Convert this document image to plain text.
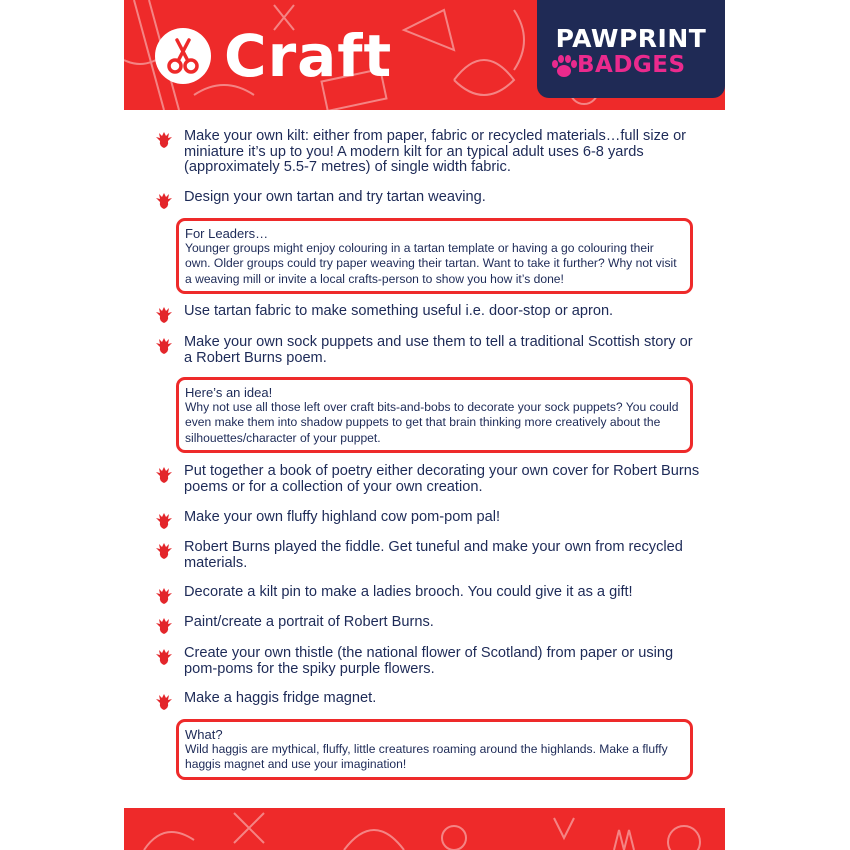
Craft	PAWPRINT
BADGES
Make your own kilt: either from paper, fabric or recycled materials…full size or miniature it’s up to you! A modern kilt for an typical adult uses 6-8 yards (approximately 5.5-7 metres) of single width fabric.
Design your own tartan and try tartan weaving.
For Leaders…
Younger groups might enjoy colouring in a tartan template or having a go colouring their own. Older groups could try paper weaving their tartan. Want to take it further? Why not visit a weaving mill or invite a local crafts-person to show you how it’s done!
Use tartan fabric to make something useful i.e. door-stop or apron.
Make your own sock puppets and use them to tell a traditional Scottish story or a Robert Burns poem.
Here’s an idea!
Why not use all those left over craft bits-and-bobs to decorate your sock puppets? You could even make them into shadow puppets to get that brain thinking more creatively about the silhouettes/character of your puppet.
Put together a book of poetry either decorating your own cover for Robert Burns poems or for a collection of your own creation.
Make your own fluffy highland cow pom-pom pal!
Robert Burns played the fiddle. Get tuneful and make your own from recycled materials.
Decorate a kilt pin to make a ladies brooch. You could give it as a gift!
Paint/create a portrait of Robert Burns.
Create your own thistle (the national flower of Scotland) from paper or using pom-poms for the spiky purple flowers.
Make a haggis fridge magnet.
What?
Wild haggis are mythical, fluffy, little creatures roaming around the highlands. Make a fluffy haggis magnet and use your imagination!
